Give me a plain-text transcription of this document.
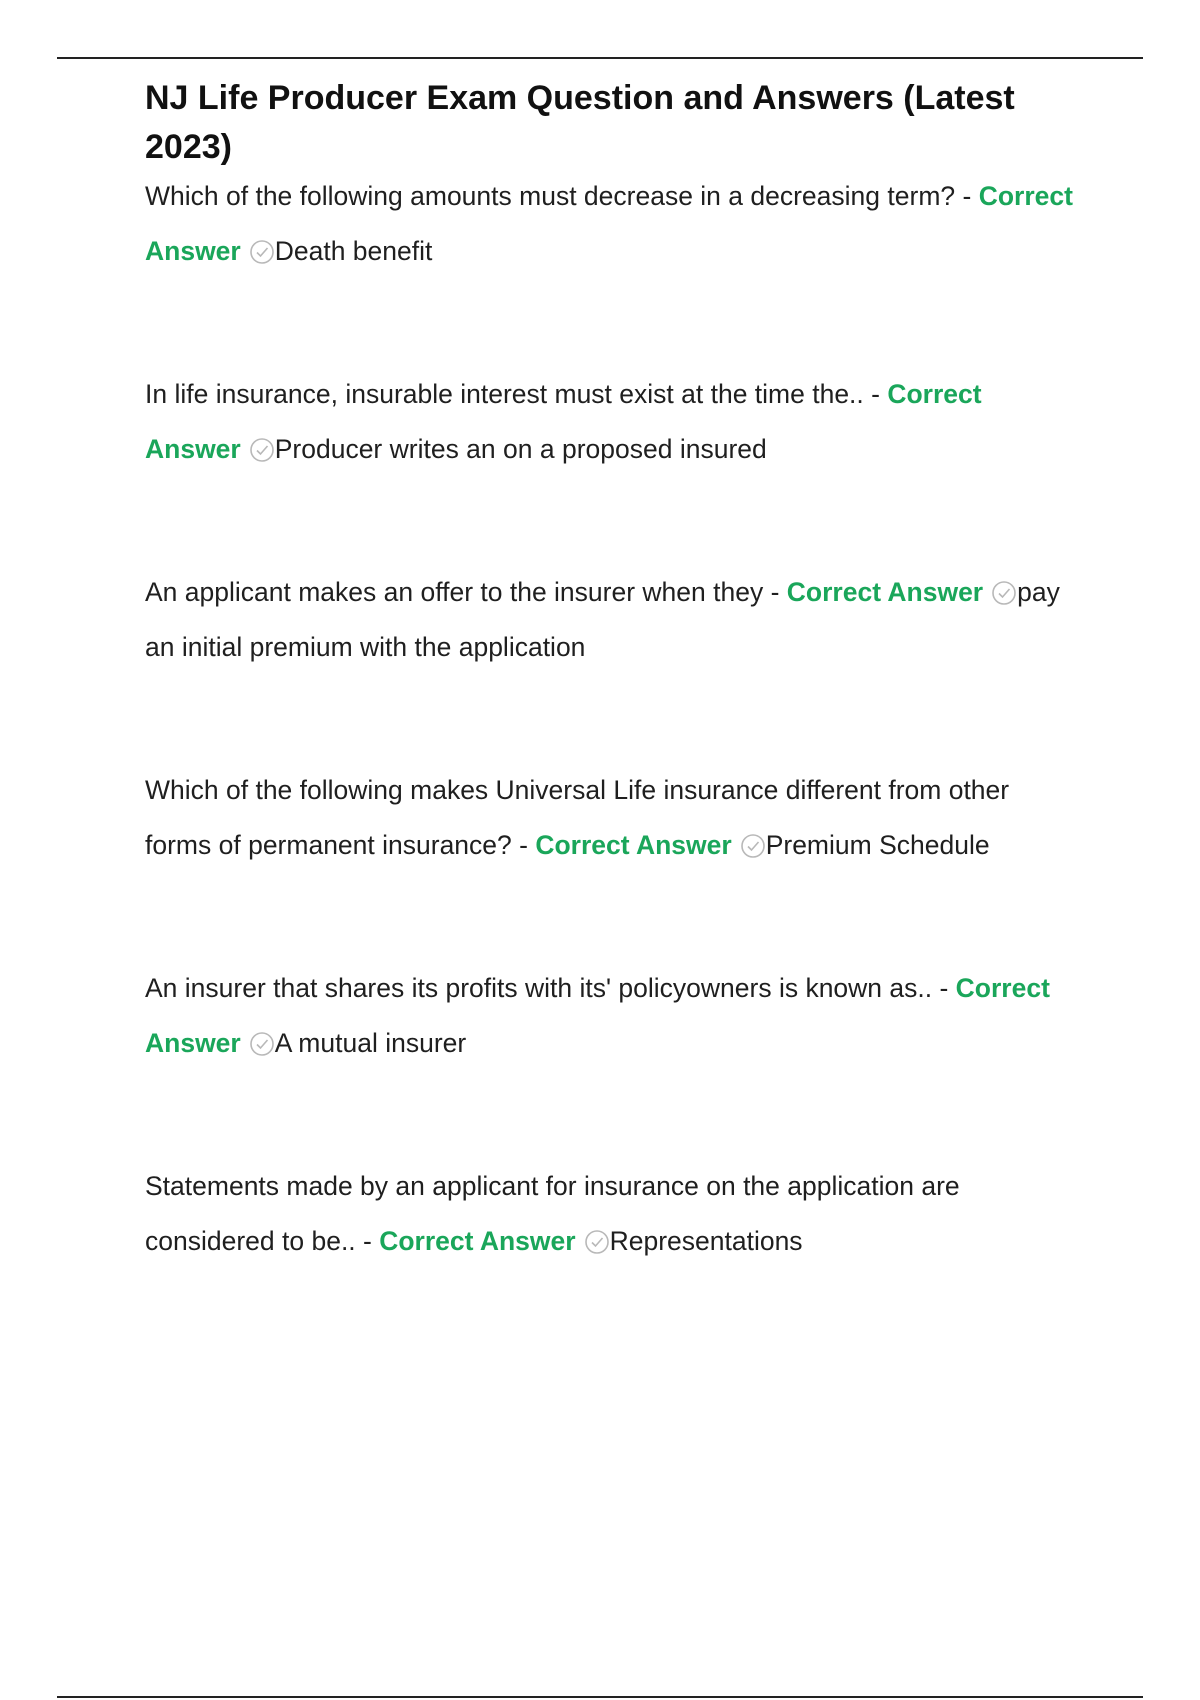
NJ Life Producer Exam Question and Answers (Latest 2023)

Which of the following amounts must decrease in a decreasing term? - Correct Answer Death benefit

In life insurance, insurable interest must exist at the time the.. - Correct Answer Producer writes an on a proposed insured

An applicant makes an offer to the insurer when they - Correct Answer pay an initial premium with the application

Which of the following makes Universal Life insurance different from other forms of permanent insurance? - Correct Answer Premium Schedule

An insurer that shares its profits with its' policyowners is known as.. - Correct Answer A mutual insurer

Statements made by an applicant for insurance on the application are considered to be.. - Correct Answer Representations
